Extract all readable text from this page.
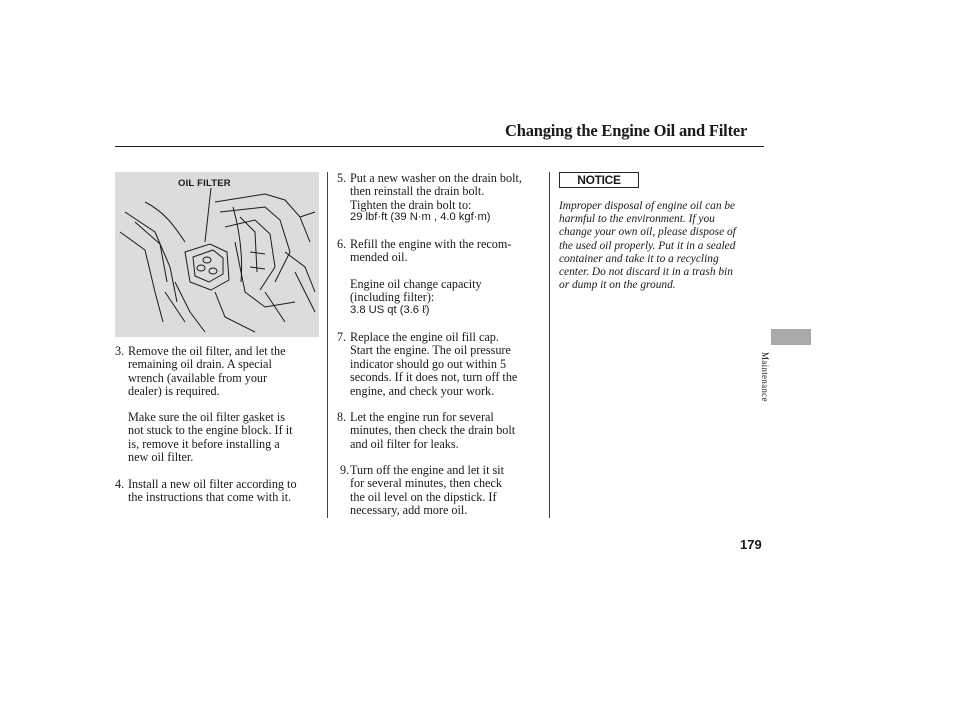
Changing the Engine Oil and Filter
OIL FILTER
3. Remove the oil filter, and let the
remaining oil drain. A special
wrench (available from your
dealer) is required.
Make sure the oil filter gasket is
not stuck to the engine block. If it
is, remove it before installing a
new oil filter.
4. Install a new oil filter according to
the instructions that come with it.
5. Put a new washer on the drain bolt,
then reinstall the drain bolt.
Tighten the drain bolt to:
29 lbf·ft (39 N·m , 4.0 kgf·m)
6. Refill the engine with the recom-
mended oil.
Engine oil change capacity
(including filter):
3.8 US qt (3.6 ℓ)
7. Replace the engine oil fill cap.
Start the engine. The oil pressure
indicator should go out within 5
seconds. If it does not, turn off the
engine, and check your work.
8. Let the engine run for several
minutes, then check the drain bolt
and oil filter for leaks.
9. Turn off the engine and let it sit
for several minutes, then check
the oil level on the dipstick. If
necessary, add more oil.
NOTICE
Improper disposal of engine oil can be
harmful to the environment. If you
change your own oil, please dispose of
the used oil properly. Put it in a sealed
container and take it to a recycling
center. Do not discard it in a trash bin
or dump it on the ground.
Maintenance
179
